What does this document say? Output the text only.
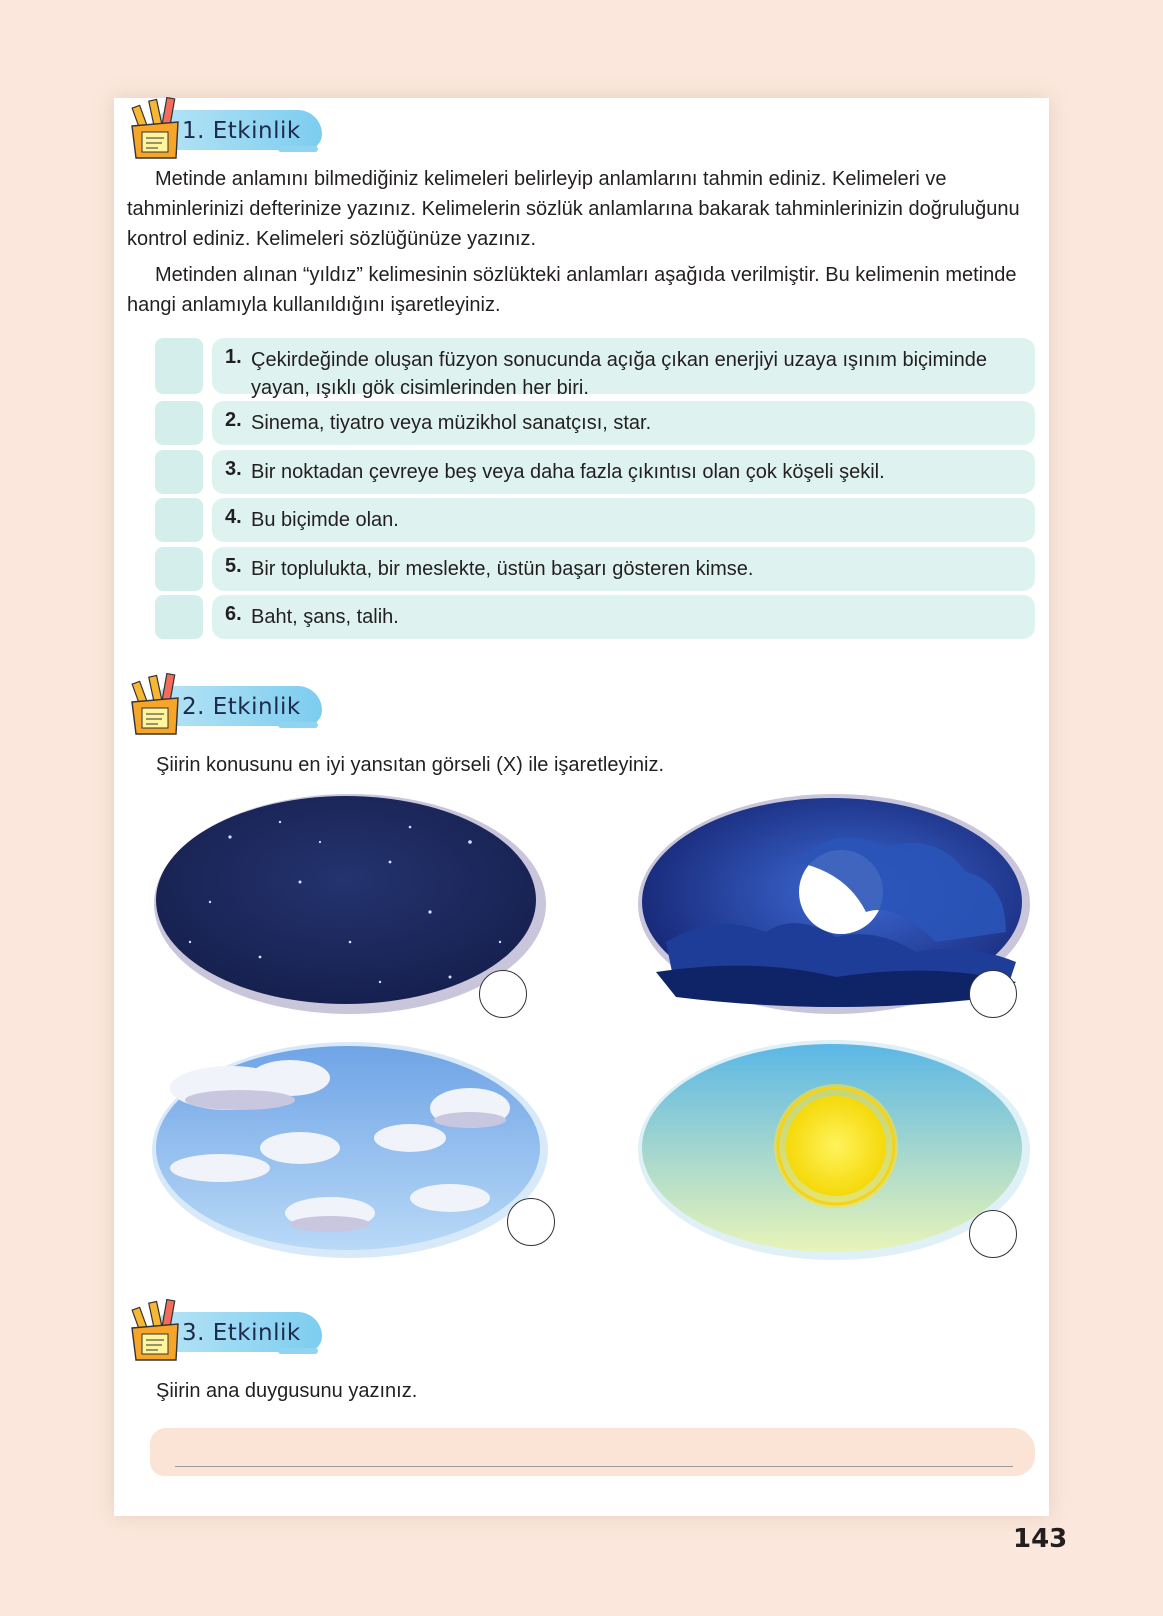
1. Etkinlik

Metinde anlamını bilmediğiniz kelimeleri belirleyip anlamlarını tahmin ediniz. Kelimeleri ve tahminlerinizi defterinize yazınız. Kelimelerin sözlük anlamlarına bakarak tahminlerinizin doğruluğunu kontrol ediniz. Kelimeleri sözlüğünüze yazınız.

Metinden alınan “yıldız” kelimesinin sözlükteki anlamları aşağıda verilmiştir. Bu kelimenin metinde hangi anlamıyla kullanıldığını işaretleyiniz.

1. Çekirdeğinde oluşan füzyon sonucunda açığa çıkan enerjiyi uzaya ışınım biçiminde yayan, ışıklı gök cisimlerinden her biri.
2. Sinema, tiyatro veya müzikhol sanatçısı, star.
3. Bir noktadan çevreye beş veya daha fazla çıkıntısı olan çok köşeli şekil.
4. Bu biçimde olan.
5. Bir toplulukta, bir meslekte, üstün başarı gösteren kimse.
6. Baht, şans, talih.
2. Etkinlik

Şiirin konusunu en iyi yansıtan görseli (X) ile işaretleyiniz.

3. Etkinlik

Şiirin ana duygusunu yazınız.

143
